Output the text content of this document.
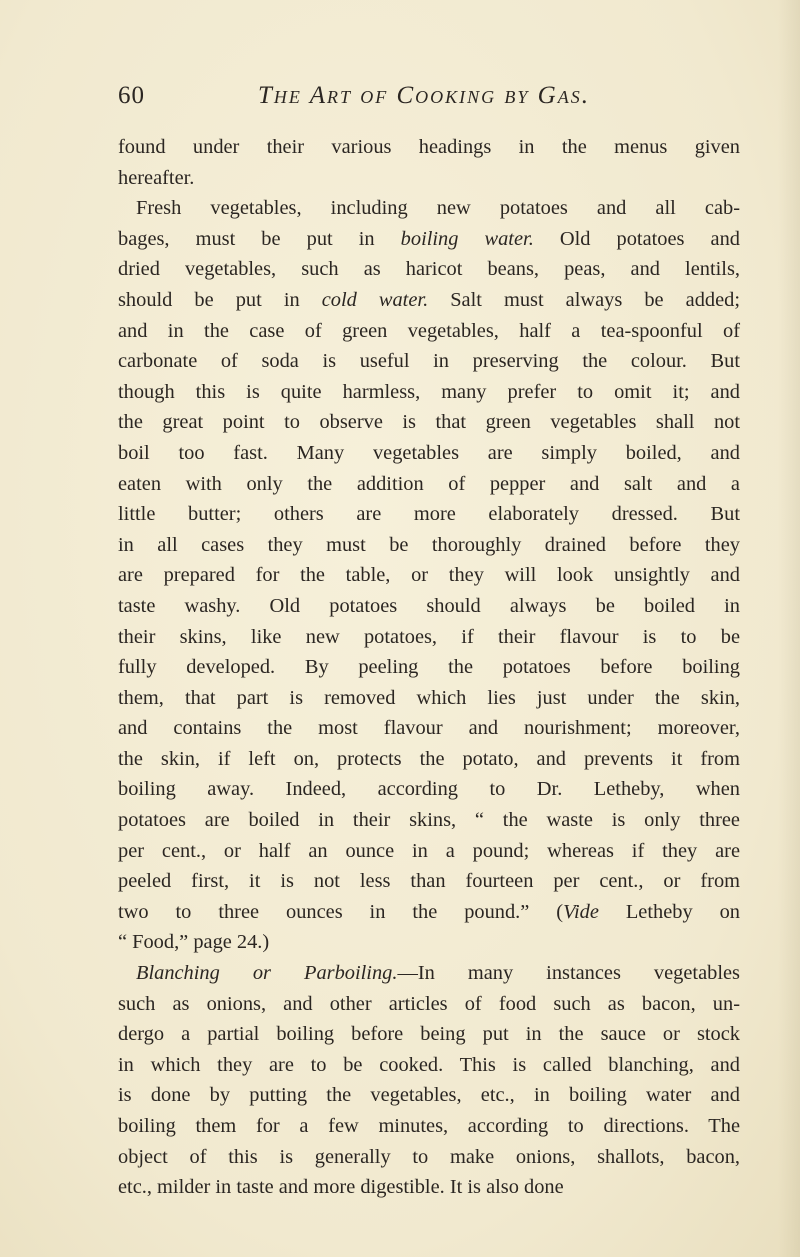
60	The Art of Cooking by Gas.
found under their various headings in the menus given
hereafter.
Fresh vegetables, including new potatoes and all cab-
bages, must be put in boiling water. Old potatoes and
dried vegetables, such as haricot beans, peas, and lentils,
should be put in cold water. Salt must always be added;
and in the case of green vegetables, half a tea-spoonful of
carbonate of soda is useful in preserving the colour. But
though this is quite harmless, many prefer to omit it; and
the great point to observe is that green vegetables shall not
boil too fast. Many vegetables are simply boiled, and
eaten with only the addition of pepper and salt and a
little butter; others are more elaborately dressed. But
in all cases they must be thoroughly drained before they
are prepared for the table, or they will look unsightly and
taste washy. Old potatoes should always be boiled in
their skins, like new potatoes, if their flavour is to be
fully developed. By peeling the potatoes before boiling
them, that part is removed which lies just under the skin,
and contains the most flavour and nourishment; moreover,
the skin, if left on, protects the potato, and prevents it from
boiling away. Indeed, according to Dr. Letheby, when
potatoes are boiled in their skins, “ the waste is only three
per cent., or half an ounce in a pound; whereas if they are
peeled first, it is not less than fourteen per cent., or from
two to three ounces in the pound.” (Vide Letheby on
“ Food,” page 24.)
Blanching or Parboiling.—In many instances vegetables
such as onions, and other articles of food such as bacon, un-
dergo a partial boiling before being put in the sauce or stock
in which they are to be cooked. This is called blanching, and
is done by putting the vegetables, etc., in boiling water and
boiling them for a few minutes, according to directions. The
object of this is generally to make onions, shallots, bacon,
etc., milder in taste and more digestible. It is also done
